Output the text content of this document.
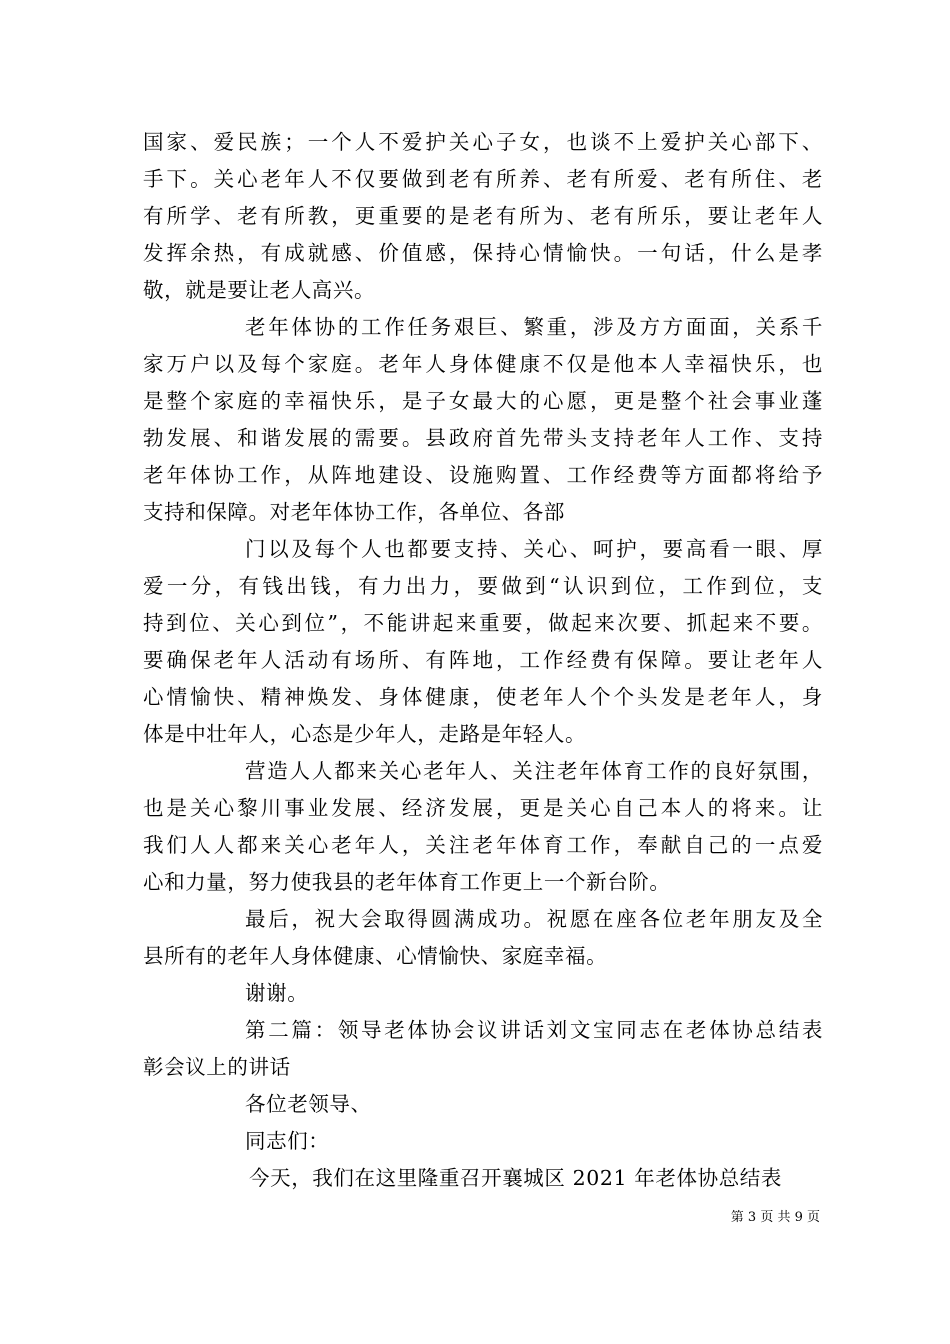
国家、爱民族；一个人不爱护关心子女，也谈不上爱护关心部下、
手下。关心老年人不仅要做到老有所养、老有所爱、老有所住、老
有所学、老有所教，更重要的是老有所为、老有所乐，要让老年人
发挥余热，有成就感、价值感，保持心情愉快。一句话，什么是孝
敬，就是要让老人高兴。
老年体协的工作任务艰巨、繁重，涉及方方面面，关系千
家万户以及每个家庭。老年人身体健康不仅是他本人幸福快乐，也
是整个家庭的幸福快乐，是子女最大的心愿，更是整个社会事业蓬
勃发展、和谐发展的需要。县政府首先带头支持老年人工作、支持
老年体协工作，从阵地建设、设施购置、工作经费等方面都将给予
支持和保障。对老年体协工作，各单位、各部
门以及每个人也都要支持、关心、呵护，要高看一眼、厚
爱一分，有钱出钱，有力出力，要做到“认识到位，工作到位，支
持到位、关心到位”，不能讲起来重要，做起来次要、抓起来不要。
要确保老年人活动有场所、有阵地，工作经费有保障。要让老年人
心情愉快、精神焕发、身体健康，使老年人个个头发是老年人，身
体是中壮年人，心态是少年人，走路是年轻人。
营造人人都来关心老年人、关注老年体育工作的良好氛围，
也是关心黎川事业发展、经济发展，更是关心自己本人的将来。让
我们人人都来关心老年人，关注老年体育工作，奉献自己的一点爱
心和力量，努力使我县的老年体育工作更上一个新台阶。
最后，祝大会取得圆满成功。祝愿在座各位老年朋友及全
县所有的老年人身体健康、心情愉快、家庭幸福。
谢谢。
第二篇：领导老体协会议讲话刘文宝同志在老体协总结表
彰会议上的讲话
各位老领导、
同志们：
今天，我们在这里隆重召开襄城区 2021 年老体协总结表
第 3 页 共 9 页
